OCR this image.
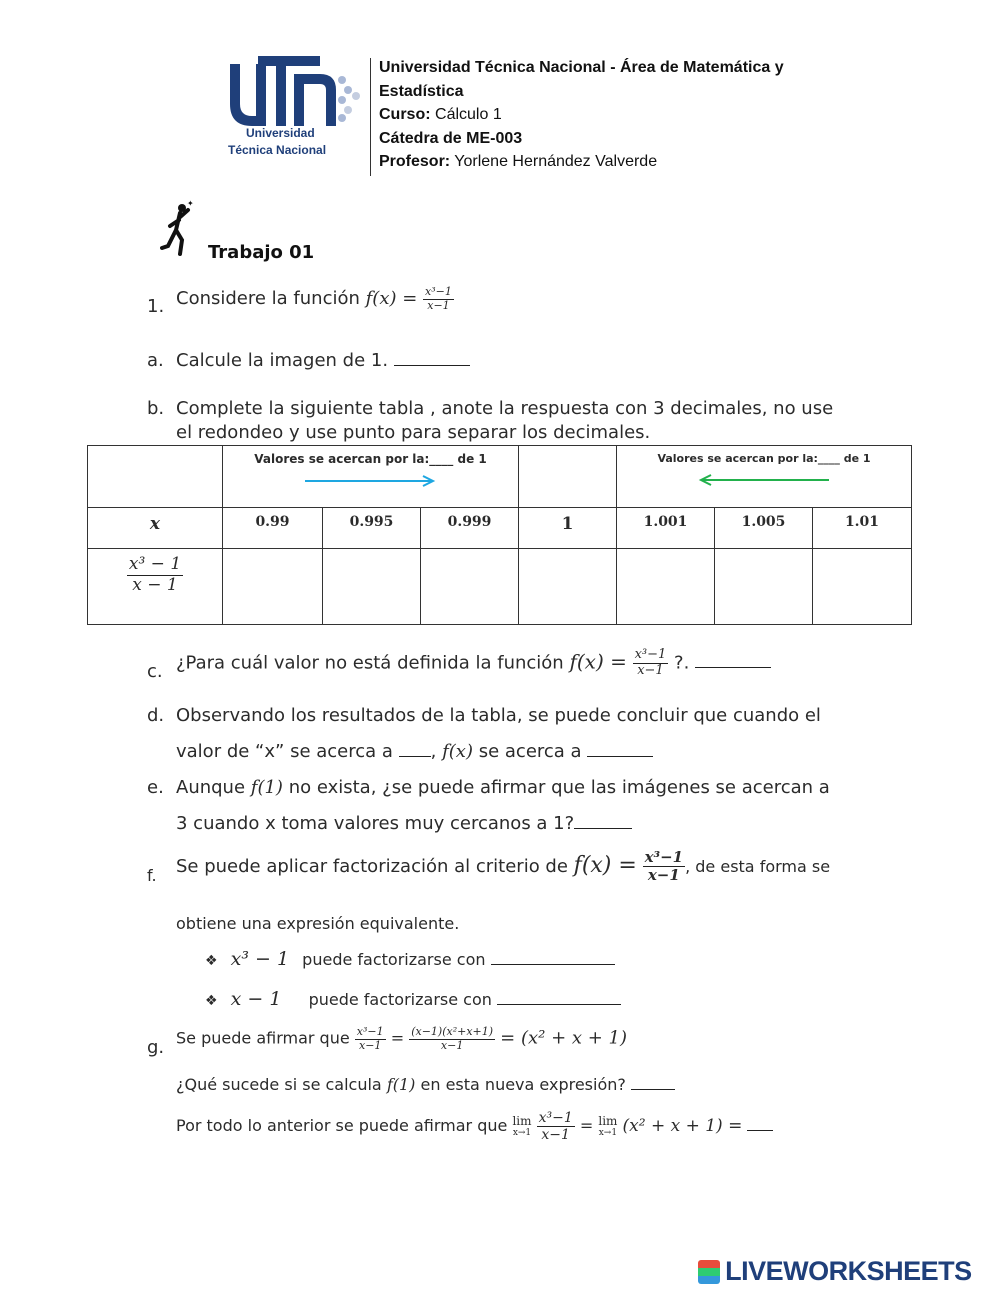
Universidad
Técnica Nacional
Universidad Técnica Nacional - Área de Matemática y
Estadística
Curso: Cálculo 1
Cátedra de ME-003
Profesor: Yorlene Hernández Valverde
✦
Trabajo 01
1. Considere la función $f(x) = \frac{\text{x³−1}}{x-1}$
a. Calcule la imagen de 1.
b. Complete la siguiente tabla , anote la respuesta con 3 decimales, no use
el redondeo y use punto para separar los decimales.
	Valores se acercan por la:____ de 1				Valores se acercan por la:____ de 1		

x	0.99	0.995	0.999	1	1.001	1.005	1.01

$\frac{\text{x³ − 1}}{x - 1}$

c. ¿Para cuál valor no está definida la función $f(x) = \frac{\text{x³−1}}{x-1}$ ?.
d. Observando los resultados de la tabla, se puede concluir que cuando el
valor de “x” se acerca a , f(x) se acerca a
e. Aunque f(1) no exista, ¿se puede afirmar que las imágenes se acercan a
3 cuando x toma valores muy cercanos a 1?
f. Se puede aplicar factorización al criterio de $f(x) = \frac{\text{x³−1}}{x-1}$ , de esta forma se
obtiene una expresión equivalente.
❖ x³ − 1 puede factorizarse con
❖ x − 1 puede factorizarse con
g. Se puede afirmar que $\frac{\text{x³−1}}{x-1} = \frac{\text{(x−1)(x²+x+1)}}{x-1} = (x^2 + x + 1)$
¿Qué sucede si se calcula f(1) en esta nueva expresión?
Por todo lo anterior se puede afirmar que lim
x→1
$\frac{\text{x³−1}}{x-1} = \lim$
x→1 (x² + x + 1) =
LIVEWORKSHEETS
